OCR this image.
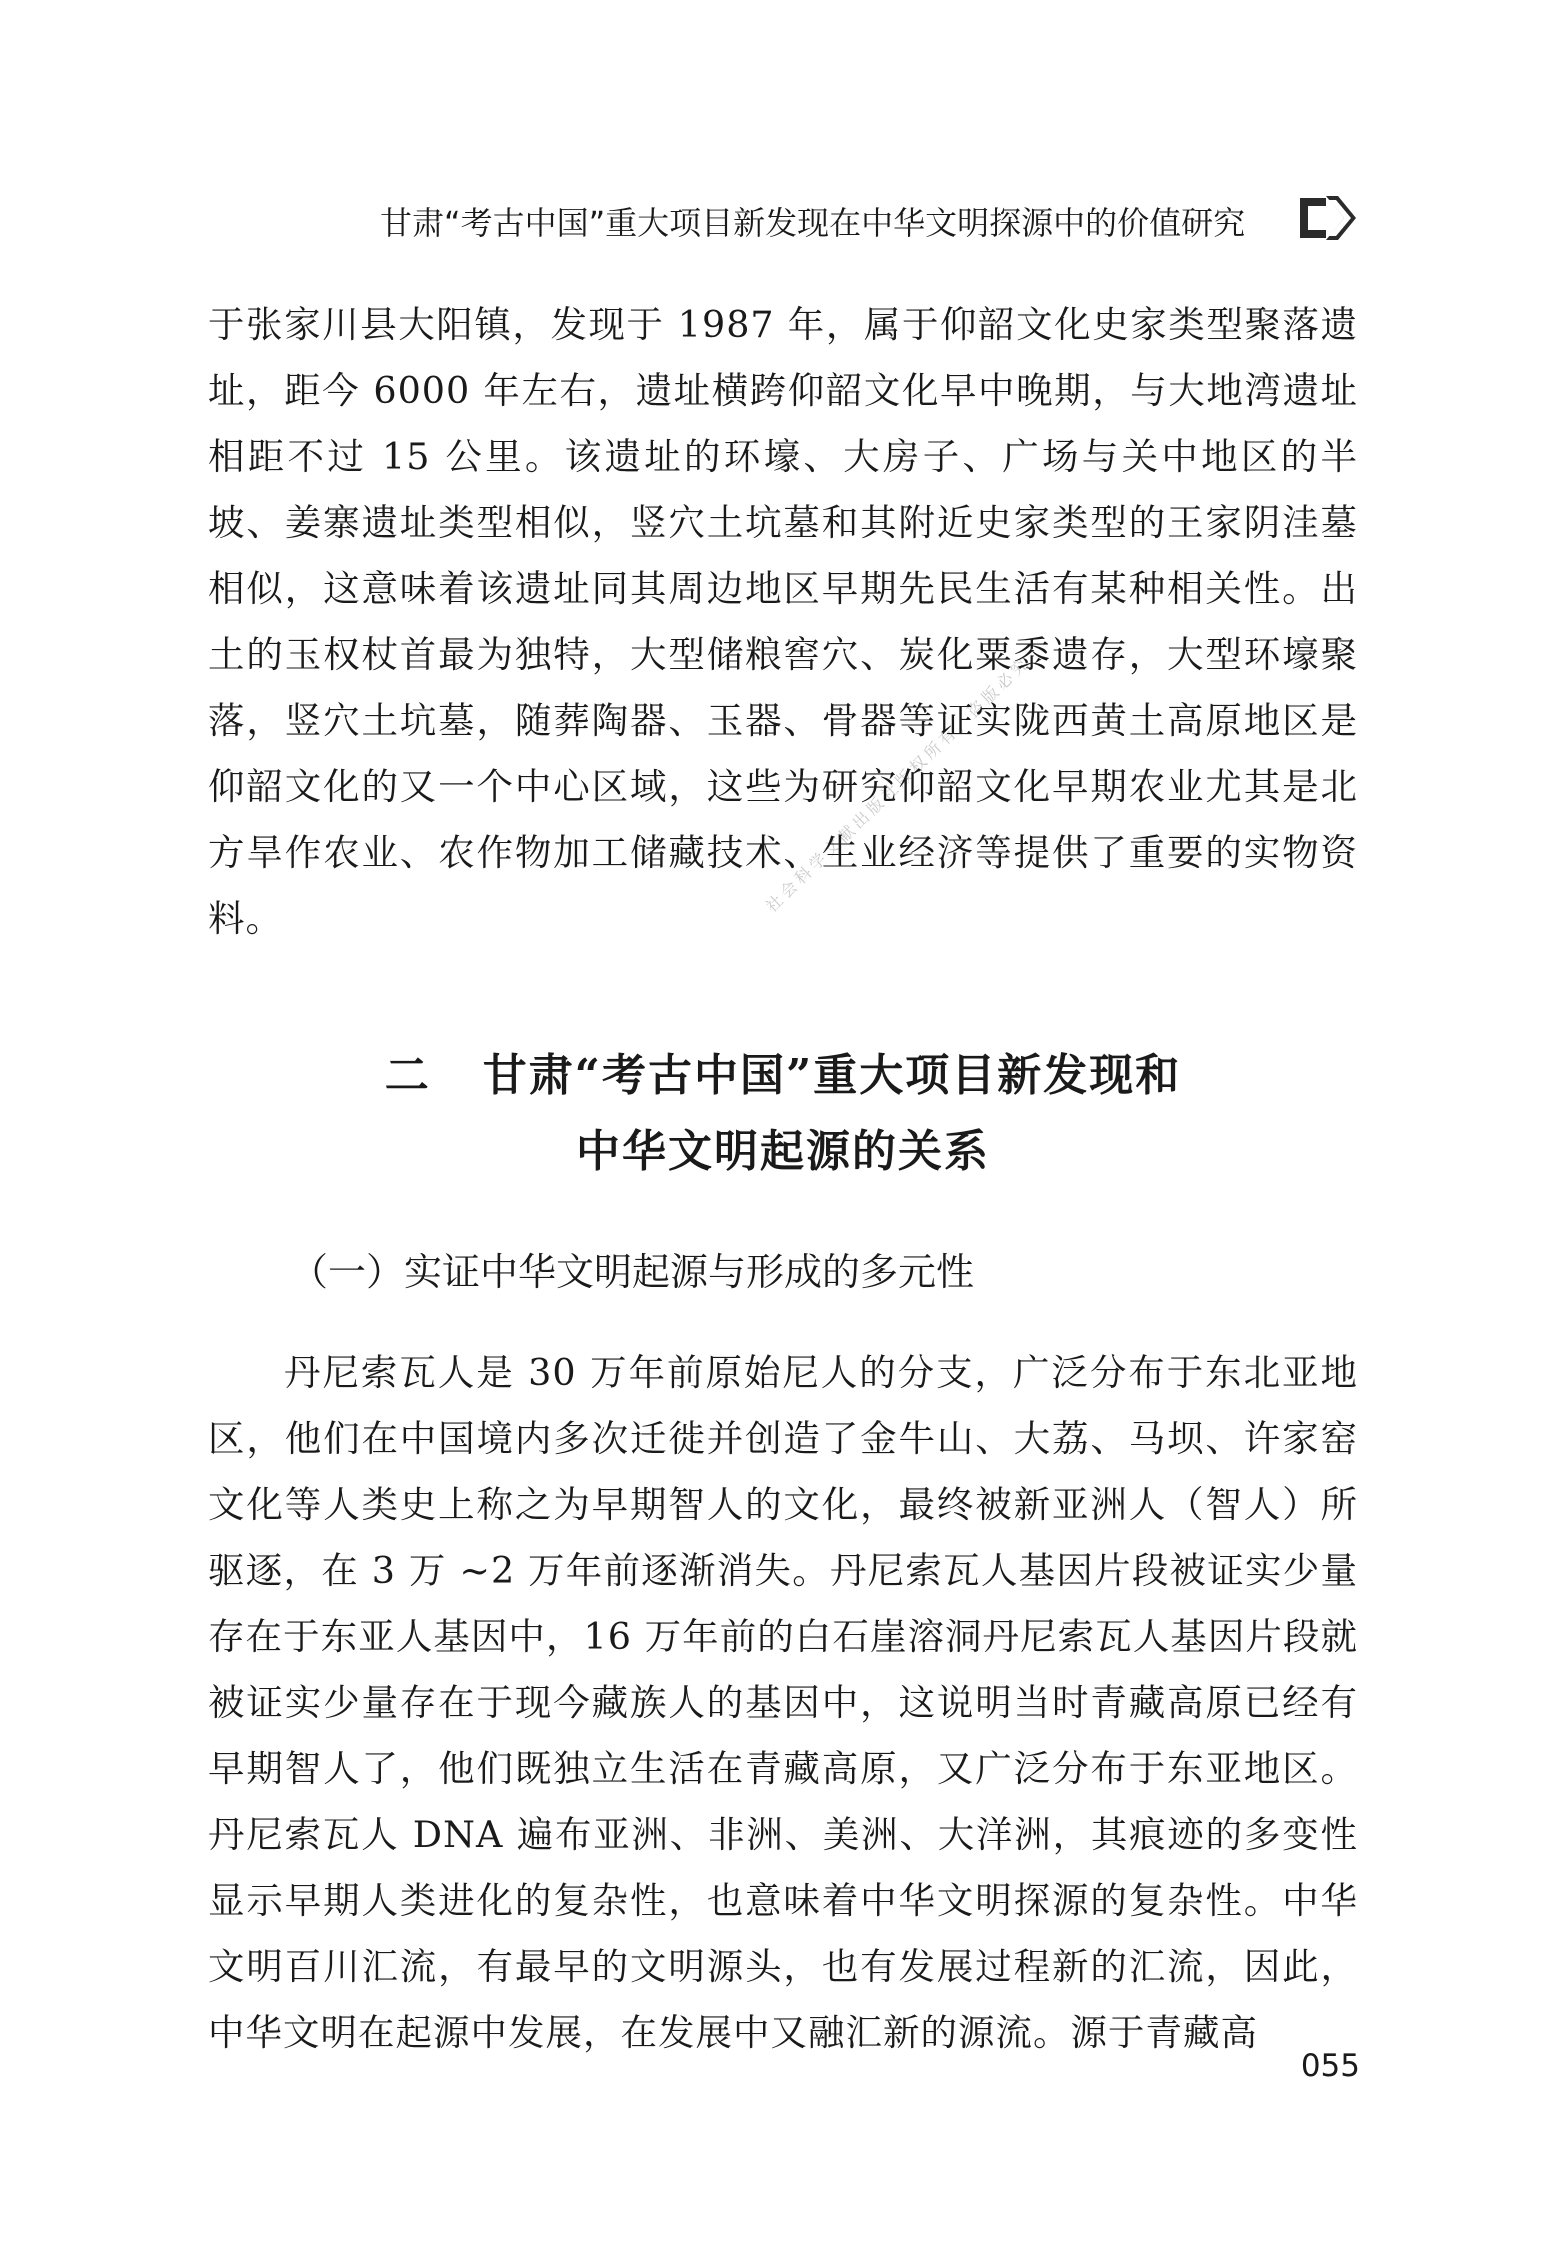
甘肃“考古中国”重大项目新发现在中华文明探源中的价值研究
社会科学文献出版社版权所有，盗版必究

于张家川县大阳镇，发现于 1987 年，属于仰韶文化史家类型聚落遗址，距今 6000 年左右，遗址横跨仰韶文化早中晚期，与大地湾遗址相距不过 15 公里。该遗址的环壕、大房子、广场与关中地区的半坡、姜寨遗址类型相似，竖穴土坑墓和其附近史家类型的王家阴洼墓相似，这意味着该遗址同其周边地区早期先民生活有某种相关性。出土的玉权杖首最为独特，大型储粮窖穴、炭化粟黍遗存，大型环壕聚落，竖穴土坑墓，随葬陶器、玉器、骨器等证实陇西黄土高原地区是仰韶文化的又一个中心区域，这些为研究仰韶文化早期农业尤其是北方旱作农业、农作物加工储藏技术、生业经济等提供了重要的实物资料。

二 甘肃“考古中国”重大项目新发现和
中华文明起源的关系
（一）实证中华文明起源与形成的多元性

丹尼索瓦人是 30 万年前原始尼人的分支，广泛分布于东北亚地区，他们在中国境内多次迁徙并创造了金牛山、大荔、马坝、许家窑文化等人类史上称之为早期智人的文化，最终被新亚洲人（智人）所驱逐，在 3 万 ~2 万年前逐渐消失。丹尼索瓦人基因片段被证实少量存在于东亚人基因中，16 万年前的白石崖溶洞丹尼索瓦人基因片段就被证实少量存在于现今藏族人的基因中，这说明当时青藏高原已经有早期智人了，他们既独立生活在青藏高原，又广泛分布于东亚地区。丹尼索瓦人 DNA 遍布亚洲、非洲、美洲、大洋洲，其痕迹的多变性显示早期人类进化的复杂性，也意味着中华文明探源的复杂性。中华文明百川汇流，有最早的文明源头，也有发展过程新的汇流，因此，中华文明在起源中发展，在发展中又融汇新的源流。源于青藏高

055
